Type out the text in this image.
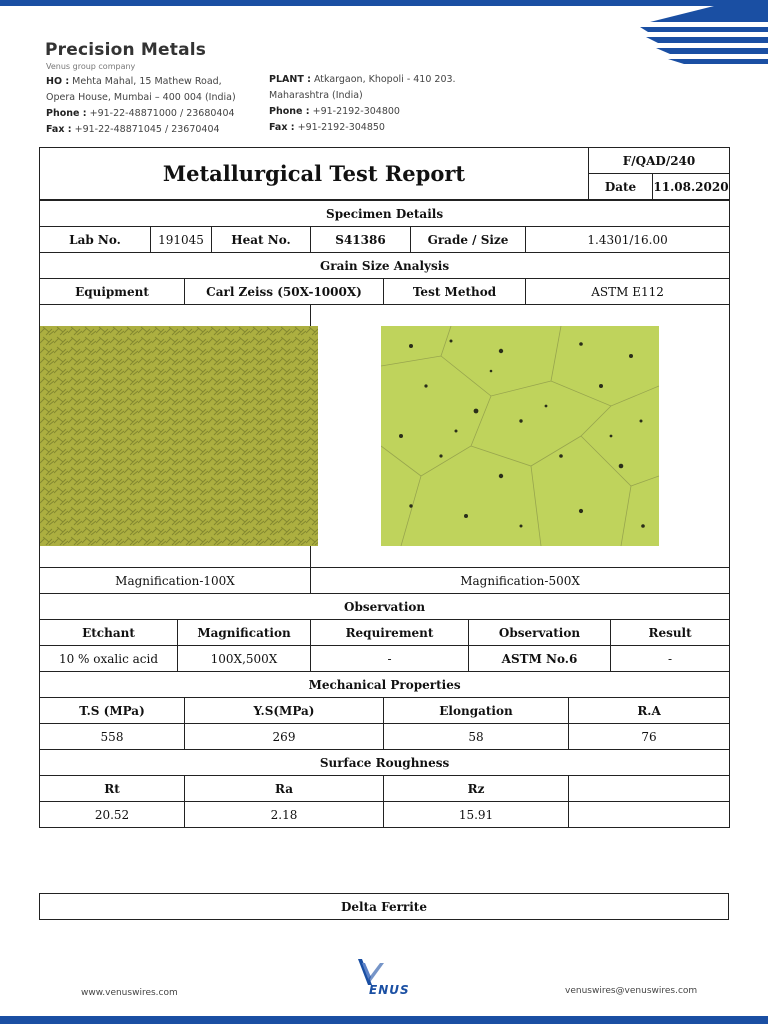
Precision Metals
Venus group company
HO : Mehta Mahal, 15 Mathew Road,
Opera House, Mumbai – 400 004 (India)
Phone : +91-22-48871000 / 23680404
Fax : +91-22-48871045 / 23670404
PLANT : Atkargaon, Khopoli - 410 203.
Maharashtra (India)
Phone : +91-2192-304800
Fax : +91-2192-304850
Metallurgical Test Report	F/QAD/240	
	Date	11.08.2020
Specimen Details											
Lab No.	191045			Heat No.	S41386		Grade / Size		1.4301/16.00		
Grain Size Analysis											
Equipment			Carl Zeiss (50X-1000X)			Test Method			ASTM E112		

Magnification-100X					Magnification-500X						
Observation											
Etchant		Magnification			Requirement			Observation			Result
10 % oxalic acid		100X,500X			-			ASTM No.6			-
Mechanical Properties											
T.S (MPa)			Y.S(MPa)			Elongation				R.A	
558			269			58				76	
Surface Roughness											
Rt			Ra			Rz					
20.52			2.18			15.91					
Delta Ferrite
www.venuswires.com	ENUS	venuswires@venuswires.com
